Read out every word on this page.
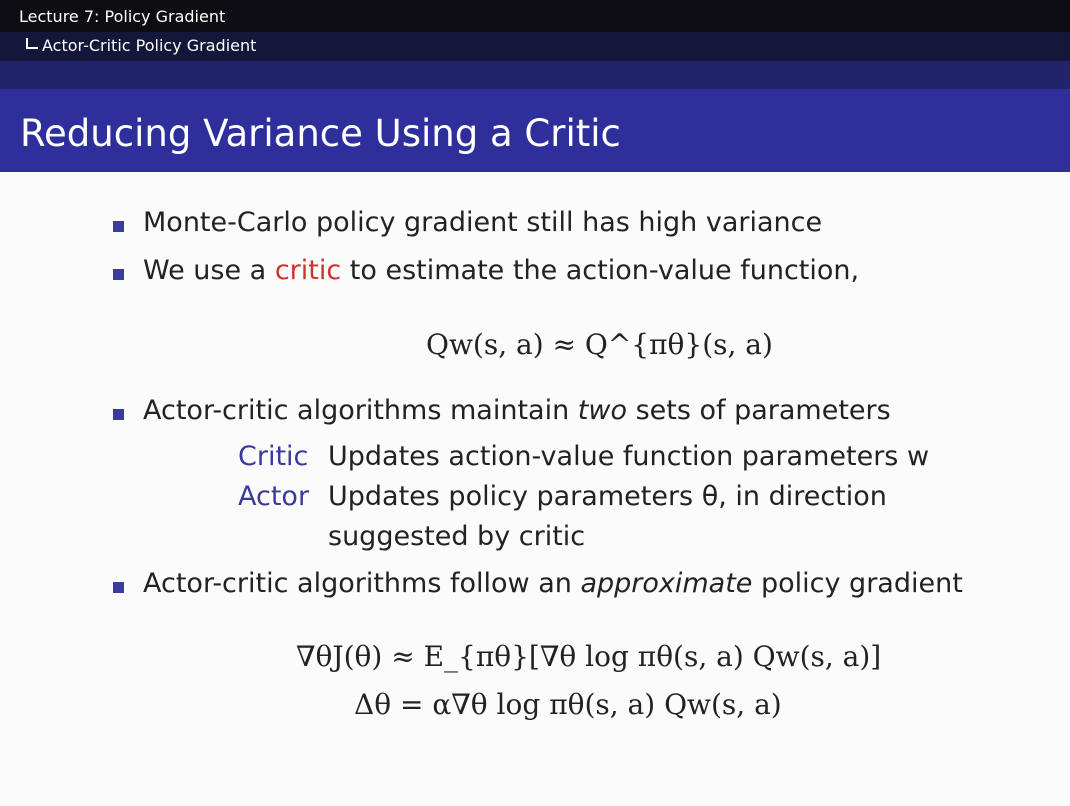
Lecture 7: Policy Gradient
Actor-Critic Policy Gradient
Reducing Variance Using a Critic
Monte-Carlo policy gradient still has high variance
We use a critic to estimate the action-value function,
Qw(s, a) ≈ Q^{πθ}(s, a)
Actor-critic algorithms maintain two sets of parameters
Critic Updates action-value function parameters w
Actor Updates policy parameters θ, in direction
suggested by critic
Actor-critic algorithms follow an approximate policy gradient
∇θJ(θ) ≈ E_{πθ}[∇θ log πθ(s, a) Qw(s, a)]
Δθ = α∇θ log πθ(s, a) Qw(s, a)
